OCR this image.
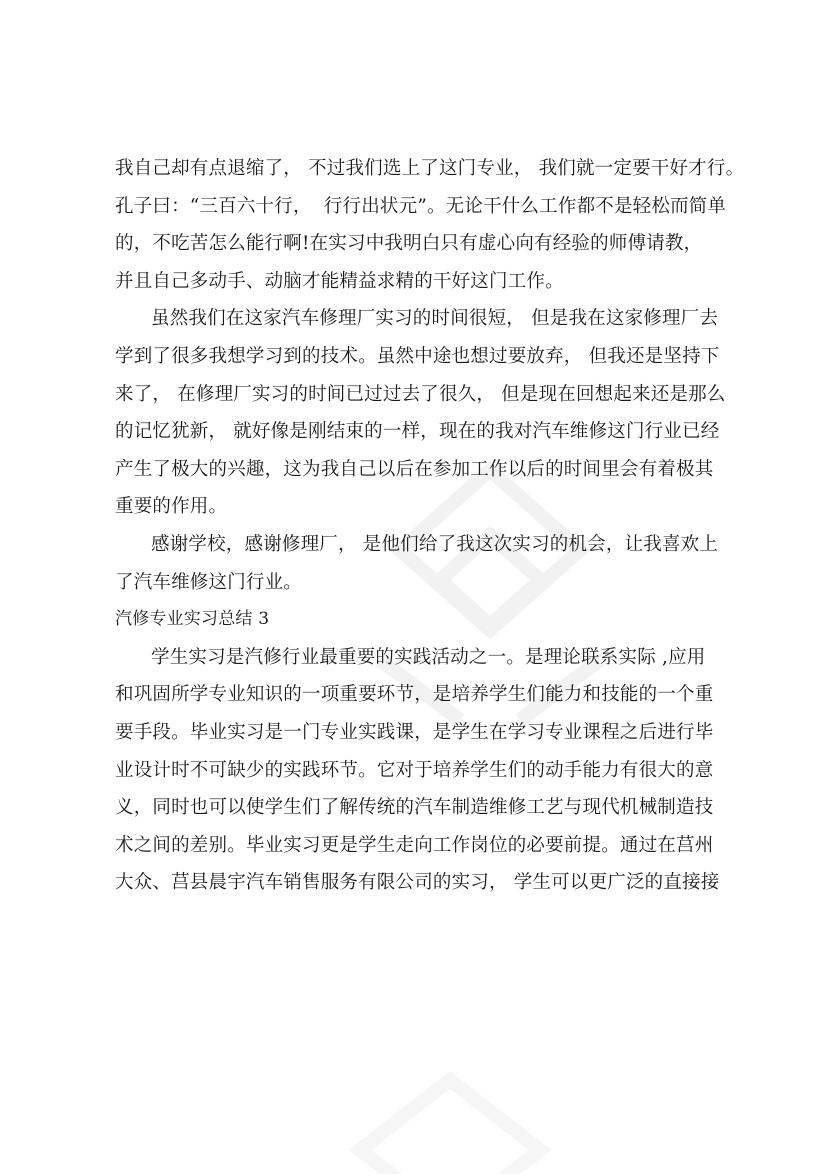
我自己却有点退缩了， 不过我们选上了这门专业， 我们就一定要干好才行。
孔子曰：“三百六十行，  行行出状元”。无论干什么工作都不是轻松而简单
的，不吃苦怎么能行啊!在实习中我明白只有虚心向有经验的师傅请教，
并且自己多动手、动脑才能精益求精的干好这门工作。
虽然我们在这家汽车修理厂实习的时间很短， 但是我在这家修理厂去
学到了很多我想学习到的技术。虽然中途也想过要放弃， 但我还是坚持下
来了， 在修理厂实习的时间已过过去了很久， 但是现在回想起来还是那么
的记忆犹新， 就好像是刚结束的一样，现在的我对汽车维修这门行业已经
产生了极大的兴趣，这为我自己以后在参加工作以后的时间里会有着极其
重要的作用。
感谢学校，感谢修理厂， 是他们给了我这次实习的机会，让我喜欢上
了汽车维修这门行业。
汽修专业实习总结 3
学生实习是汽修行业最重要的实践活动之一。是理论联系实际 ,应用
和巩固所学专业知识的一项重要环节，是培养学生们能力和技能的一个重
要手段。毕业实习是一门专业实践课，是学生在学习专业课程之后进行毕
业设计时不可缺少的实践环节。它对于培养学生们的动手能力有很大的意
义，同时也可以使学生们了解传统的汽车制造维修工艺与现代机械制造技
术之间的差别。毕业实习更是学生走向工作岗位的必要前提。通过在莒州
大众、莒县晨宇汽车销售服务有限公司的实习， 学生可以更广泛的直接接
